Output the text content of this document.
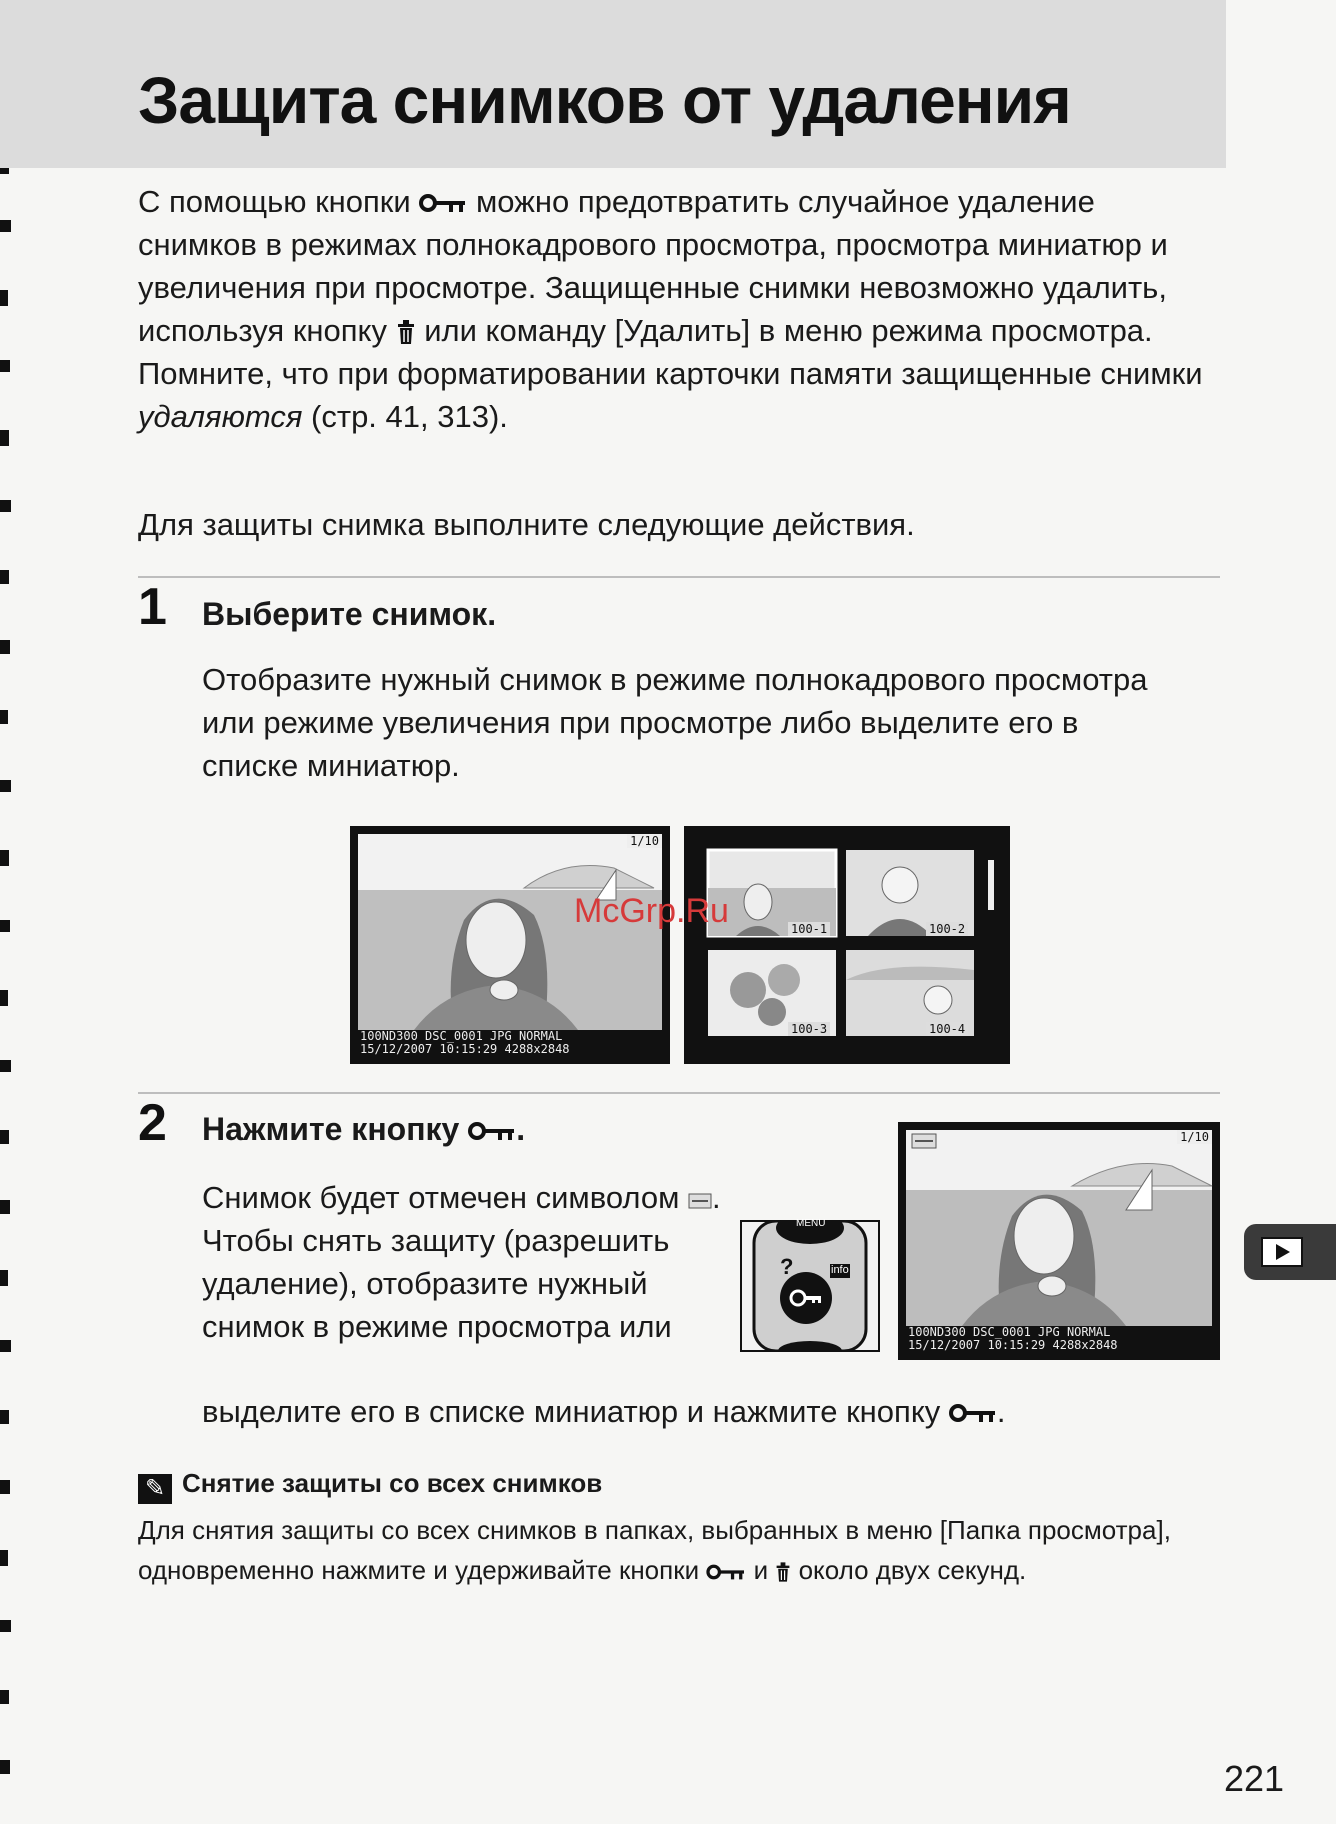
Защита снимков от удаления

С помощью кнопки можно предотвратить случайное удаление снимков в режимах полнокадрового просмотра, просмотра миниатюр и увеличения при просмотре. Защищенные снимки невозможно удалить, используя кнопку или команду [Удалить] в меню режима просмотра. Помните, что при форматировании карточки памяти защищенные снимки удаляются (стр. 41, 313).

Для защиты снимка выполните следующие действия.

1 Выберите снимок.

Отобразите нужный снимок в режиме полнокадрового просмотра или режиме увеличения при просмотре либо выделите его в списке миниатюр.

1/10
100ND300 DSC_0001 JPG NORMAL
15/12/2007 10:15:29 4288x2848
100-1	100-2
100-3	100-4
McGrp.Ru

2 Нажмите кнопку .

Снимок будет отмечен символом . Чтобы снять защиту (разрешить удаление), отобразите нужный снимок в режиме просмотра или

выделите его в списке миниатюр и нажмите кнопку .

MENU
?	info
1/10
100ND300 DSC_0001 JPG NORMAL
15/12/2007 10:15:29 4288x2848

✎ Снятие защиты со всех снимков

Для снятия защиты со всех снимков в папках, выбранных в меню [Папка просмотра], одновременно нажмите и удерживайте кнопки и около двух секунд.

221
